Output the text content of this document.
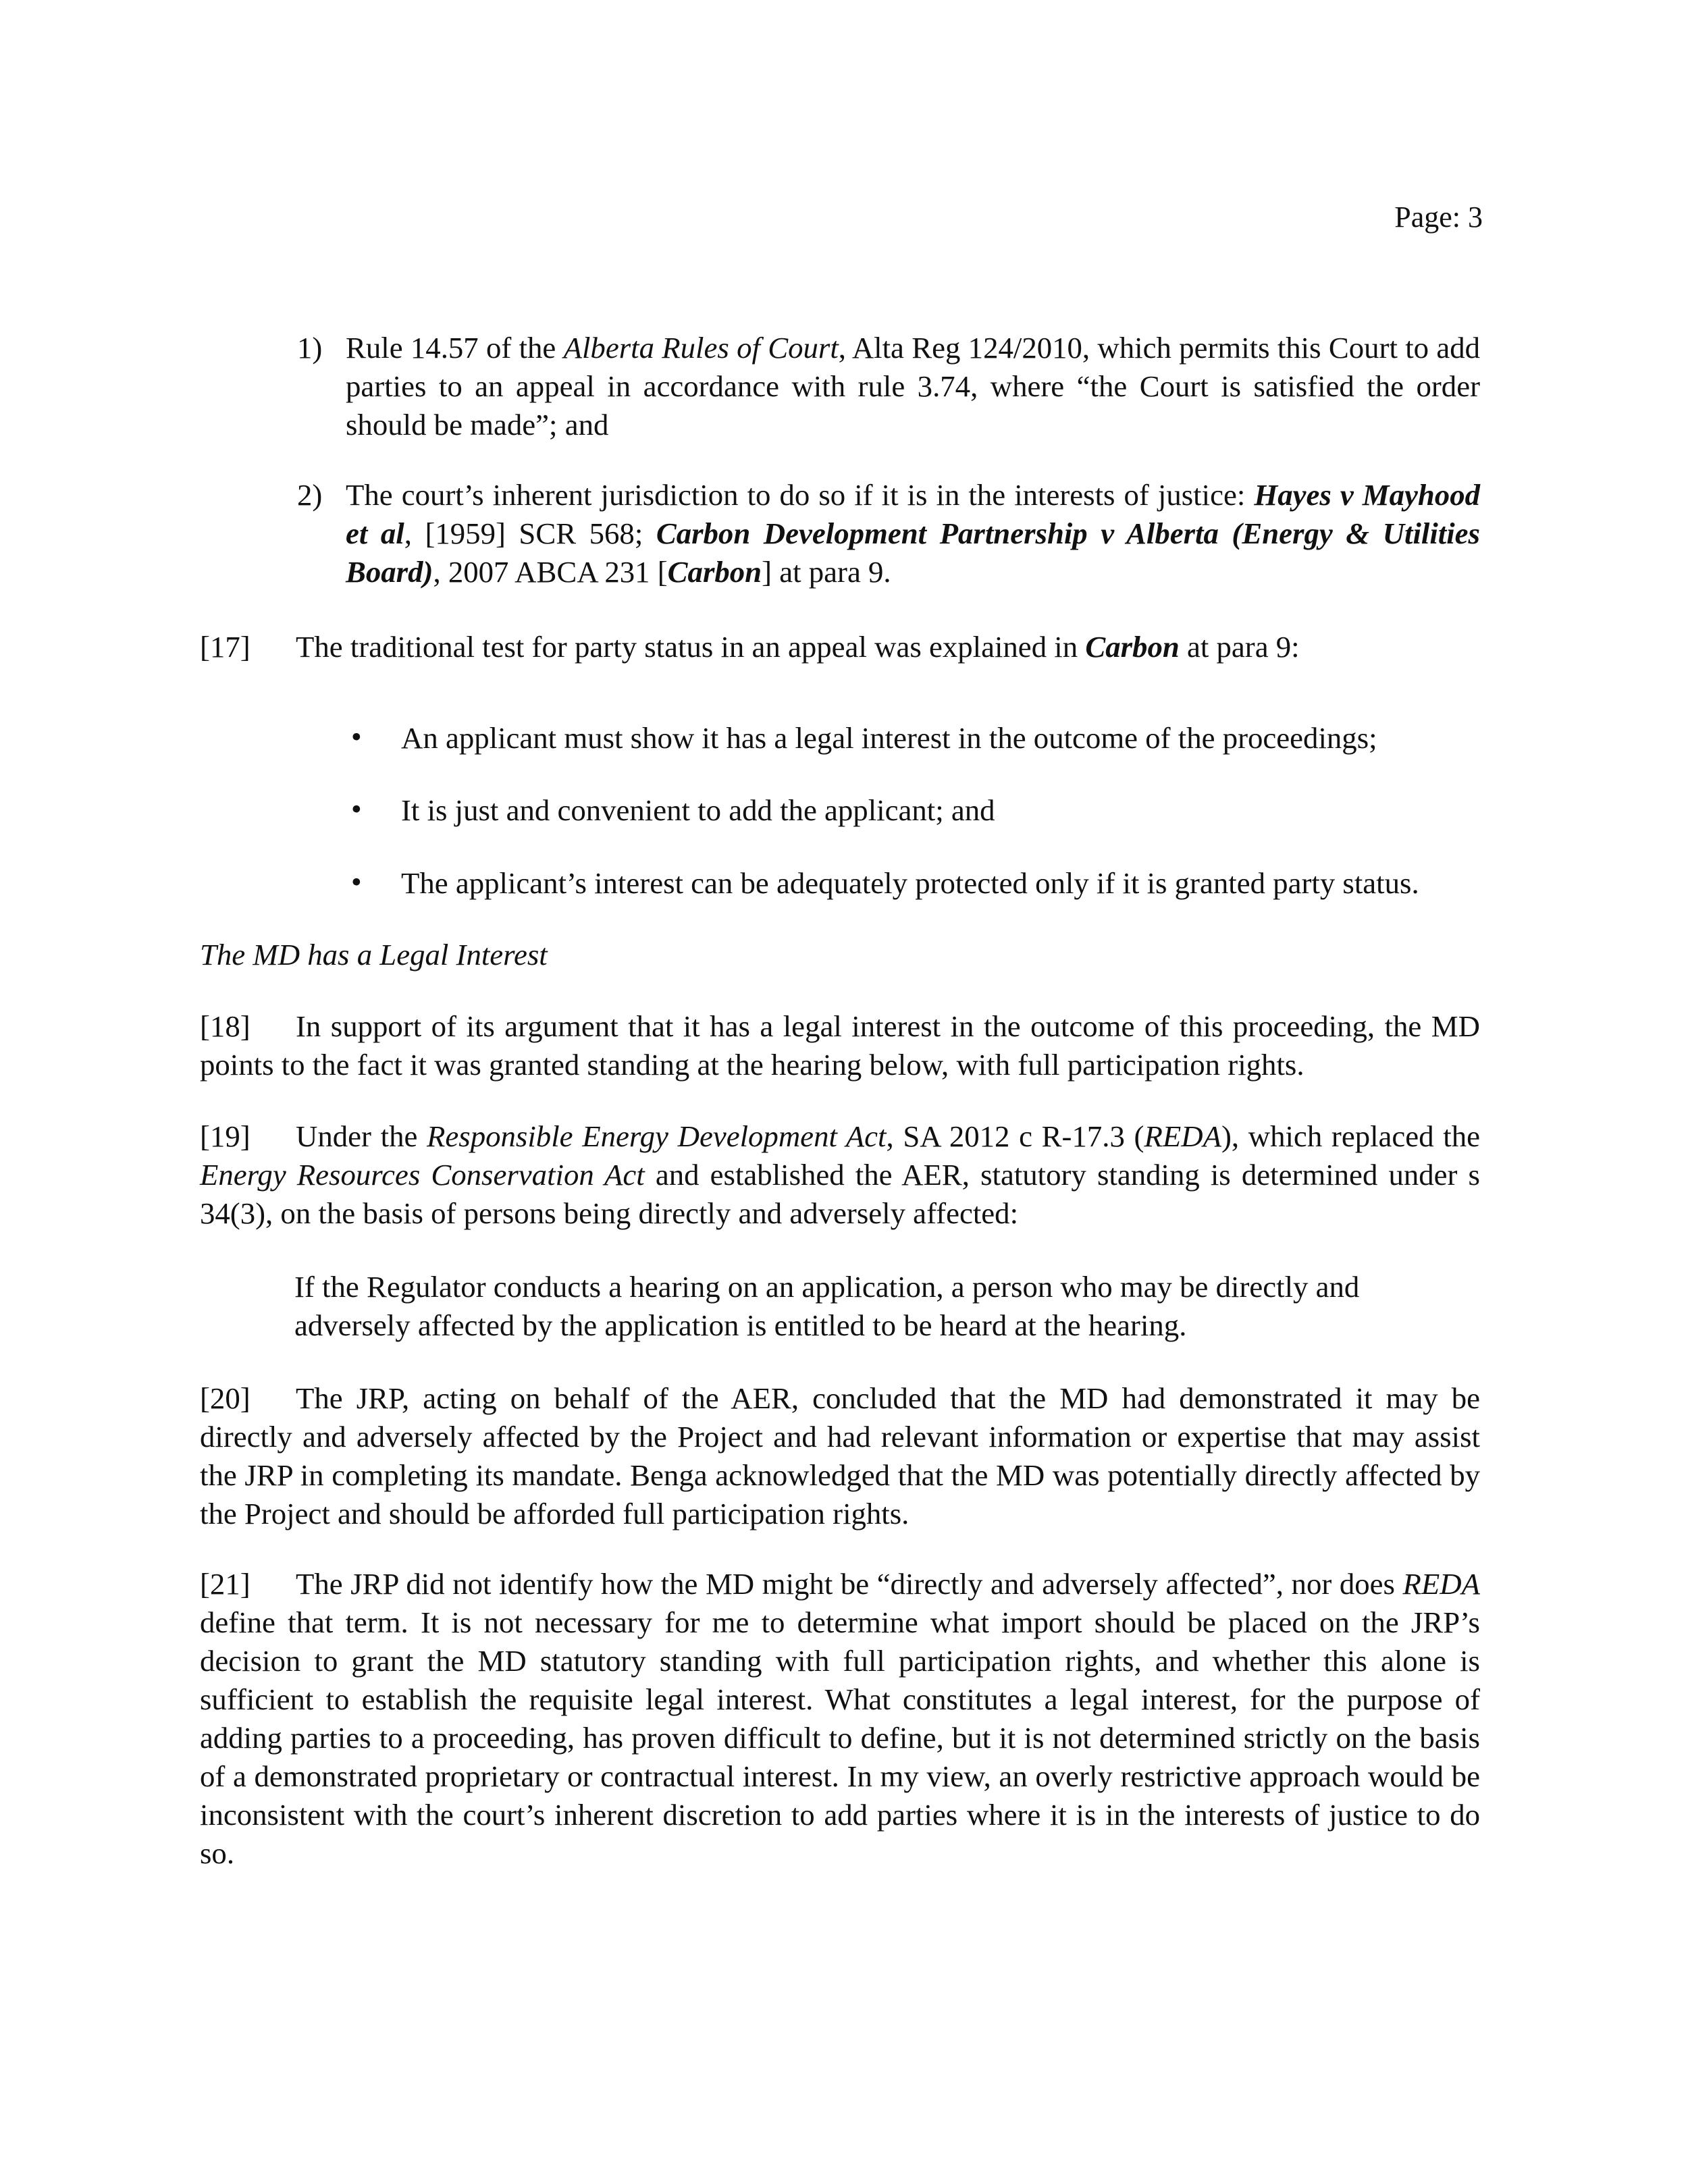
Page: 3
1) Rule 14.57 of the Alberta Rules of Court, Alta Reg 124/2010, which permits this Court to add parties to an appeal in accordance with rule 3.74, where “the Court is satisfied the order should be made”; and
2) The court’s inherent jurisdiction to do so if it is in the interests of justice: Hayes v Mayhood et al, [1959] SCR 568; Carbon Development Partnership v Alberta (Energy & Utilities Board), 2007 ABCA 231 [Carbon] at para 9.
[17] The traditional test for party status in an appeal was explained in Carbon at para 9:
• An applicant must show it has a legal interest in the outcome of the proceedings;
• It is just and convenient to add the applicant; and
• The applicant’s interest can be adequately protected only if it is granted party status.
The MD has a Legal Interest
[18] In support of its argument that it has a legal interest in the outcome of this proceeding, the MD points to the fact it was granted standing at the hearing below, with full participation rights.
[19] Under the Responsible Energy Development Act, SA 2012 c R-17.3 (REDA), which replaced the Energy Resources Conservation Act and established the AER, statutory standing is determined under s 34(3), on the basis of persons being directly and adversely affected:
If the Regulator conducts a hearing on an application, a person who may be directly and adversely affected by the application is entitled to be heard at the hearing.
[20] The JRP, acting on behalf of the AER, concluded that the MD had demonstrated it may be directly and adversely affected by the Project and had relevant information or expertise that may assist the JRP in completing its mandate. Benga acknowledged that the MD was potentially directly affected by the Project and should be afforded full participation rights.
[21] The JRP did not identify how the MD might be “directly and adversely affected”, nor does REDA define that term. It is not necessary for me to determine what import should be placed on the JRP’s decision to grant the MD statutory standing with full participation rights, and whether this alone is sufficient to establish the requisite legal interest. What constitutes a legal interest, for the purpose of adding parties to a proceeding, has proven difficult to define, but it is not determined strictly on the basis of a demonstrated proprietary or contractual interest. In my view, an overly restrictive approach would be inconsistent with the court’s inherent discretion to add parties where it is in the interests of justice to do so.
